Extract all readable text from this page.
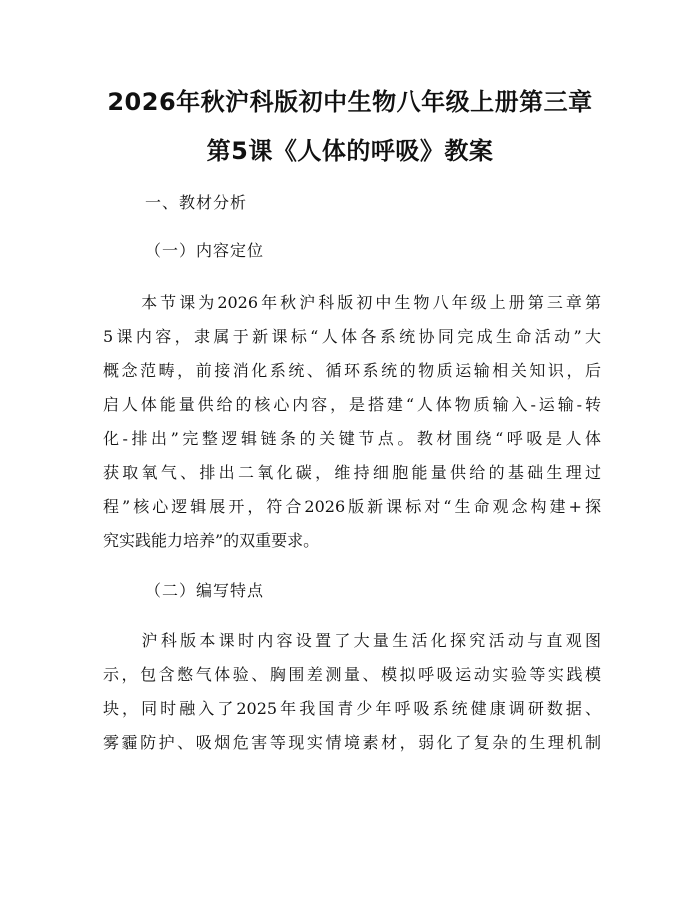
2026年秋沪科版初中生物八年级上册第三章
第5课《人体的呼吸》教案
一、教材分析
（一）内容定位
　　本节课为2026年秋沪科版初中生物八年级上册第三章第
5课内容，隶属于新课标“人体各系统协同完成生命活动”大
概念范畴，前接消化系统、循环系统的物质运输相关知识，后
启人体能量供给的核心内容，是搭建“人体物质输入-运输-转
化-排出”完整逻辑链条的关键节点。教材围绕“呼吸是人体
获取氧气、排出二氧化碳，维持细胞能量供给的基础生理过
程”核心逻辑展开，符合2026版新课标对“生命观念构建+探
究实践能力培养”的双重要求。
（二）编写特点
　　沪科版本课时内容设置了大量生活化探究活动与直观图
示，包含憋气体验、胸围差测量、模拟呼吸运动实验等实践模
块，同时融入了2025年我国青少年呼吸系统健康调研数据、
雾霾防护、吸烟危害等现实情境素材，弱化了复杂的生理机制
